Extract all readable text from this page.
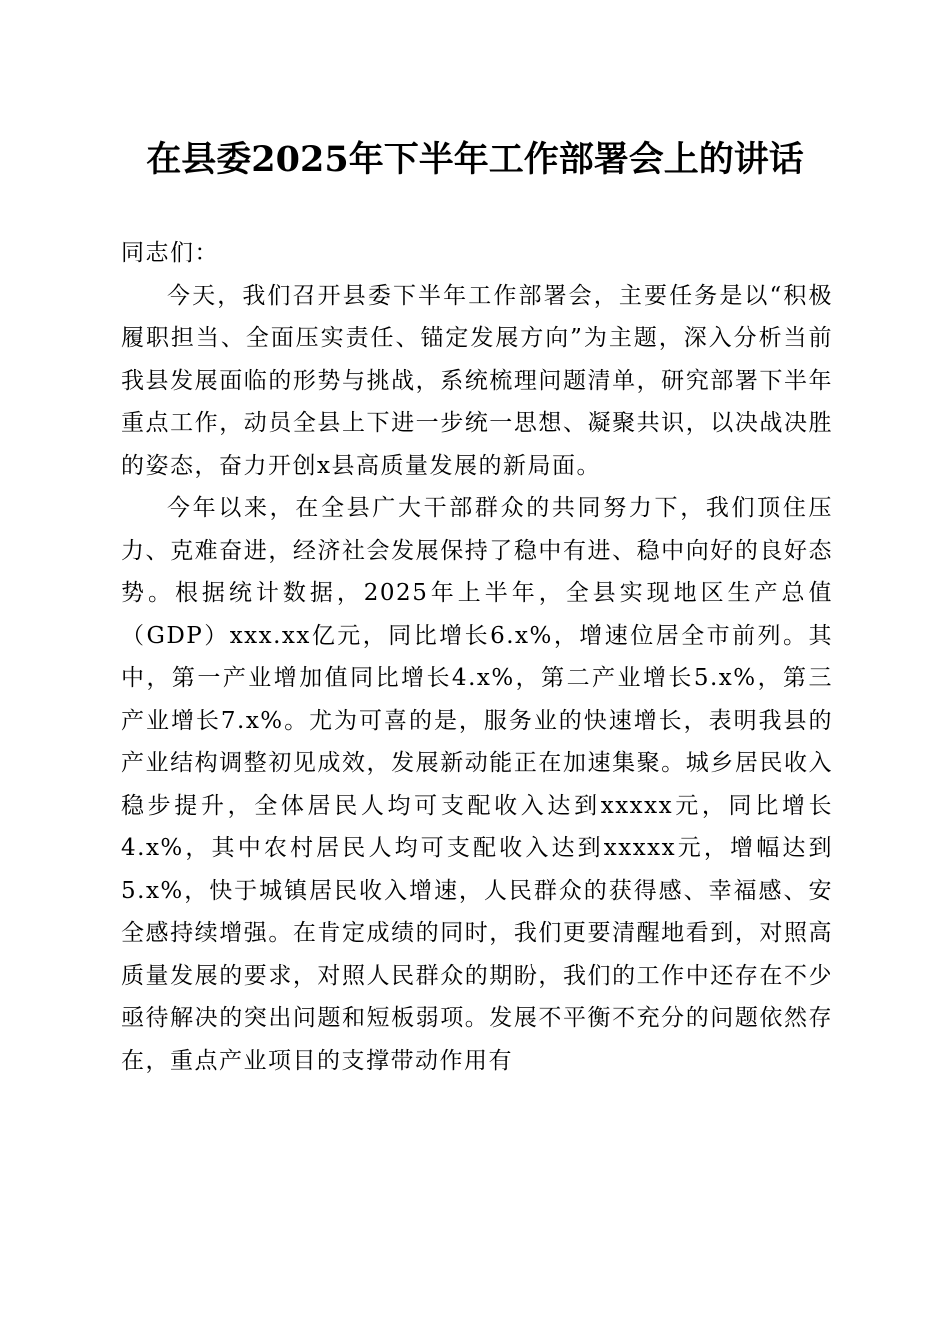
在县委2025年下半年工作部署会上的讲话

同志们：

今天，我们召开县委下半年工作部署会，主要任务是以“积极履职担当、全面压实责任、锚定发展方向”为主题，深入分析当前我县发展面临的形势与挑战，系统梳理问题清单，研究部署下半年重点工作，动员全县上下进一步统一思想、凝聚共识，以决战决胜的姿态，奋力开创x县高质量发展的新局面。

今年以来，在全县广大干部群众的共同努力下，我们顶住压力、克难奋进，经济社会发展保持了稳中有进、稳中向好的良好态势。根据统计数据，2025年上半年，全县实现地区生产总值（GDP）xxx.xx亿元，同比增长6.x%，增速位居全市前列。其中，第一产业增加值同比增长4.x%，第二产业增长5.x%，第三产业增长7.x%。尤为可喜的是，服务业的快速增长，表明我县的产业结构调整初见成效，发展新动能正在加速集聚。城乡居民收入稳步提升，全体居民人均可支配收入达到xxxxx元，同比增长4.x%，其中农村居民人均可支配收入达到xxxxx元，增幅达到5.x%，快于城镇居民收入增速，人民群众的获得感、幸福感、安全感持续增强。在肯定成绩的同时，我们更要清醒地看到，对照高质量发展的要求，对照人民群众的期盼，我们的工作中还存在不少亟待解决的突出问题和短板弱项。发展不平衡不充分的问题依然存在，重点产业项目的支撑带动作用有
